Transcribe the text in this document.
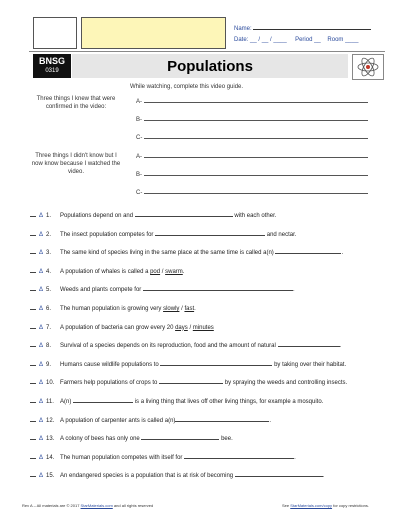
Name:
Date: __ / __ / ____ Period __ Room ____
BNSG
0319	Populations
While watching, complete this video guide.
Three things I knew that were confirmed in the video:
A-
B-
C-
Three things I didn't know but I now know because I watched the video.
A-
B-
C-
Δ 1. Populations depend on and	with each other.
Δ 2. The insect population competes for	and nectar.
Δ 3. The same kind of species living in the same place at the same time is called a(n)	.
Δ 4. A population of whales is called a pod / swarm.
Δ 5. Weeds and plants compete for	.
Δ 6. The human population is growing very slowly / fast.
Δ 7. A population of bacteria can grow every 20 days / minutes
Δ 8. Survival of a species depends on its reproduction, food and the amount of natural	.
Δ 9. Humans cause wildlife populations to	by taking over their habitat.
Δ 10. Farmers help populations of crops to	by spraying the weeds and controlling insects.
Δ 11. A(n)	is a living thing that lives off other living things, for example a mosquito.
Δ 12. A population of carpenter ants is called a(n)	.
Δ 13. A colony of bees has only one	bee.
Δ 14. The human population competes with itself for	.
Δ 15. An endangered species is a population that is at risk of becoming	.
Rev A – All materials are © 2017 StarMaterials.com and all rights reserved	See StarMaterials.com/copy for copy restrictions.
